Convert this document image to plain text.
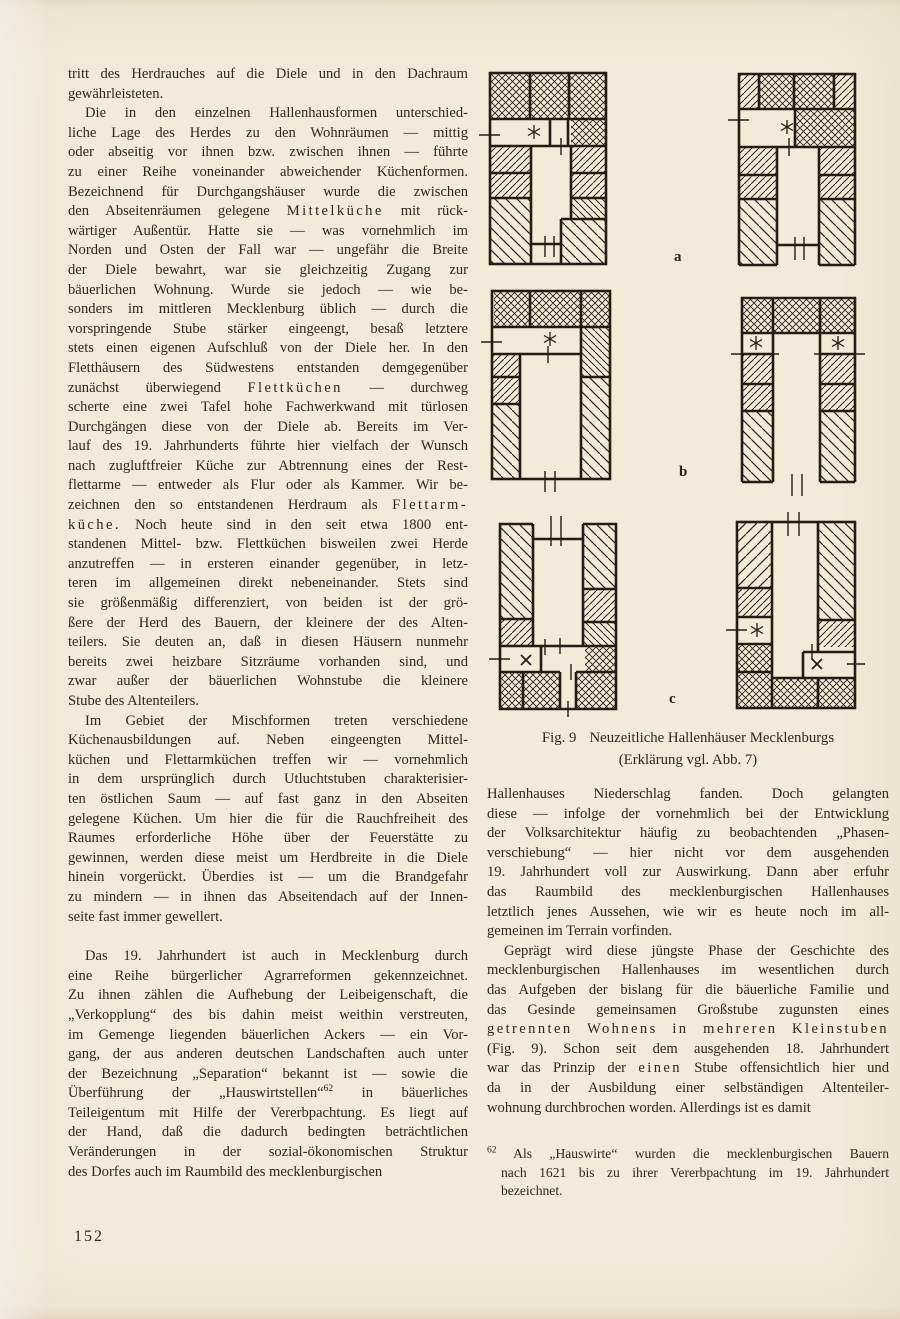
tritt des Herdrauches auf die Diele und in den Dachraum
gewährleisteten.
Die in den einzelnen Hallenhausformen unterschied-
liche Lage des Herdes zu den Wohnräumen — mittig
oder abseitig vor ihnen bzw. zwischen ihnen — führte
zu einer Reihe voneinander abweichender Küchenformen.
Bezeichnend für Durchgangshäuser wurde die zwischen
den Abseitenräumen gelegene Mittelküche mit rück-
wärtiger Außentür. Hatte sie — was vornehmlich im
Norden und Osten der Fall war — ungefähr die Breite
der Diele bewahrt, war sie gleichzeitig Zugang zur
bäuerlichen Wohnung. Wurde sie jedoch — wie be-
sonders im mittleren Mecklenburg üblich — durch die
vorspringende Stube stärker eingeengt, besaß letztere
stets einen eigenen Aufschluß von der Diele her. In den
Fletthäusern des Südwestens entstanden demgegenüber
zunächst überwiegend Flettküchen — durchweg
scherte eine zwei Tafel hohe Fachwerkwand mit türlosen
Durchgängen diese von der Diele ab. Bereits im Ver-
lauf des 19. Jahrhunderts führte hier vielfach der Wunsch
nach zugluftfreier Küche zur Abtrennung eines der Rest-
flettarme — entweder als Flur oder als Kammer. Wir be-
zeichnen den so entstandenen Herdraum als Flettarm-
küche. Noch heute sind in den seit etwa 1800 ent-
standenen Mittel- bzw. Flettküchen bisweilen zwei Herde
anzutreffen — in ersteren einander gegenüber, in letz-
teren im allgemeinen direkt nebeneinander. Stets sind
sie größenmäßig differenziert, von beiden ist der grö-
ßere der Herd des Bauern, der kleinere der des Alten-
teilers. Sie deuten an, daß in diesen Häusern nunmehr
bereits zwei heizbare Sitzräume vorhanden sind, und
zwar außer der bäuerlichen Wohnstube die kleinere
Stube des Altenteilers.
Im Gebiet der Mischformen treten verschiedene
Küchenausbildungen auf. Neben eingeengten Mittel-
küchen und Flettarmküchen treffen wir — vornehmlich
in dem ursprünglich durch Utluchtstuben charakterisier-
ten östlichen Saum — auf fast ganz in den Abseiten
gelegene Küchen. Um hier die für die Rauchfreiheit des
Raumes erforderliche Höhe über der Feuerstätte zu
gewinnen, werden diese meist um Herdbreite in die Diele
hinein vorgerückt. Überdies ist — um die Brandgefahr
zu mindern — in ihnen das Abseitendach auf der Innen-
seite fast immer gewellert.
Das 19. Jahrhundert ist auch in Mecklenburg durch
eine Reihe bürgerlicher Agrarreformen gekennzeichnet.
Zu ihnen zählen die Aufhebung der Leibeigenschaft, die
„Verkopplung“ des bis dahin meist weithin verstreuten,
im Gemenge liegenden bäuerlichen Ackers — ein Vor-
gang, der aus anderen deutschen Landschaften auch unter
der Bezeichnung „Separation“ bekannt ist — sowie die
Überführung der „Hauswirtstellen“$^{62}$ in bäuerliches
Teileigentum mit Hilfe der Vererbpachtung. Es liegt auf
der Hand, daß die dadurch bedingten beträchtlichen
Veränderungen in der sozial-ökonomischen Struktur
des Dorfes auch im Raumbild des mecklenburgischen
a
b
c
Fig. 9 Neuzeitliche Hallenhäuser Mecklenburgs
(Erklärung vgl. Abb. 7)
Hallenhauses Niederschlag fanden. Doch gelangten
diese — infolge der vornehmlich bei der Entwicklung
der Volksarchitektur häufig zu beobachtenden „Phasen-
verschiebung“ — hier nicht vor dem ausgehenden
19. Jahrhundert voll zur Auswirkung. Dann aber erfuhr
das Raumbild des mecklenburgischen Hallenhauses
letztlich jenes Aussehen, wie wir es heute noch im all-
gemeinen im Terrain vorfinden.
Geprägt wird diese jüngste Phase der Geschichte des
mecklenburgischen Hallenhauses im wesentlichen durch
das Aufgeben der bislang für die bäuerliche Familie und
das Gesinde gemeinsamen Großstube zugunsten eines
getrennten Wohnens in mehreren Kleinstuben
(Fig. 9). Schon seit dem ausgehenden 18. Jahrhundert
war das Prinzip der einen Stube offensichtlich hier und
da in der Ausbildung einer selbständigen Altenteiler-
wohnung durchbrochen worden. Allerdings ist es damit
$^{62}$ Als „Hauswirte“ wurden die mecklenburgischen Bauern
nach 1621 bis zu ihrer Vererbpachtung im 19. Jahrhundert
bezeichnet.
152
